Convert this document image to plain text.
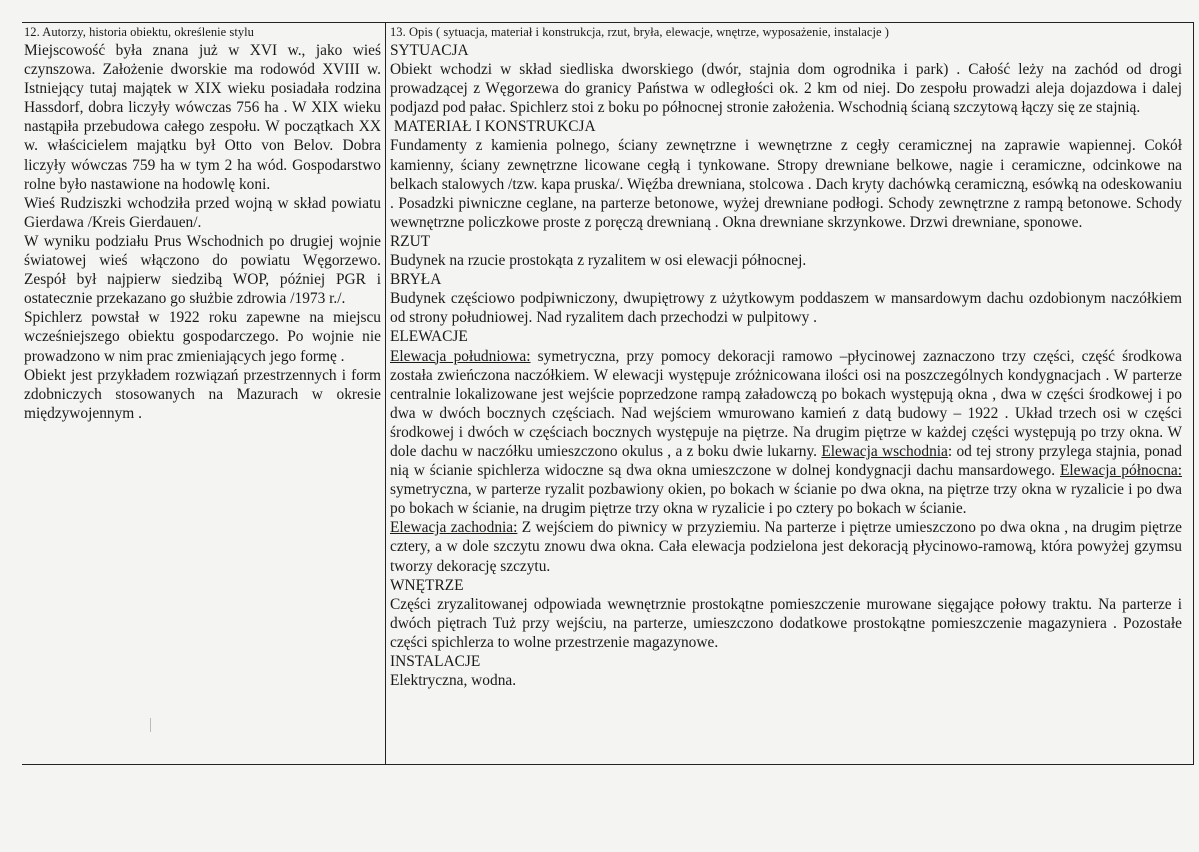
12. Autorzy, historia obiektu, określenie stylu

Miejscowość była znana już w XVI w., jako wieś czynszowa. Założenie dworskie ma rodowód XVIII w. Istniejący tutaj majątek w XIX wieku posiadała rodzina Hassdorf, dobra liczyły wówczas 756 ha . W XIX wieku nastąpiła przebudowa całego zespołu. W początkach XX w. właścicielem majątku był Otto von Belov. Dobra liczyły wówczas 759 ha w tym 2 ha wód. Gospodarstwo rolne było nastawione na hodowlę koni.

Wieś Rudziszki wchodziła przed wojną w skład powiatu Gierdawa /Kreis Gierdauen/.

W wyniku podziału Prus Wschodnich po drugiej wojnie światowej wieś włączono do powiatu Węgorzewo. Zespół był najpierw siedzibą WOP, później PGR i ostatecznie przekazano go służbie zdrowia /1973 r./.

Spichlerz powstał w 1922 roku zapewne na miejscu wcześniejszego obiektu gospodarczego. Po wojnie nie prowadzono w nim prac zmieniających jego formę .

Obiekt jest przykładem rozwiązań przestrzennych i form zdobniczych stosowanych na Mazurach w okresie międzywojennym .

13. Opis ( sytuacja, materiał i konstrukcja, rzut, bryła, elewacje, wnętrze, wyposażenie, instalacje )

SYTUACJA

Obiekt wchodzi w skład siedliska dworskiego (dwór, stajnia dom ogrodnika i park) . Całość leży na zachód od drogi prowadzącej z Węgorzewa do granicy Państwa w odległości ok. 2 km od niej. Do zespołu prowadzi aleja dojazdowa i dalej podjazd pod pałac. Spichlerz stoi z boku po północnej stronie założenia. Wschodnią ścianą szczytową łączy się ze stajnią.

MATERIAŁ I KONSTRUKCJA

Fundamenty z kamienia polnego, ściany zewnętrzne i wewnętrzne z cegły ceramicznej na zaprawie wapiennej. Cokół kamienny, ściany zewnętrzne licowane cegłą i tynkowane. Stropy drewniane belkowe, nagie i ceramiczne, odcinkowe na belkach stalowych /tzw. kapa pruska/. Więźba drewniana, stolcowa . Dach kryty dachówką ceramiczną, esówką na odeskowaniu . Posadzki piwniczne ceglane, na parterze betonowe, wyżej drewniane podłogi. Schody zewnętrzne z rampą betonowe. Schody wewnętrzne policzkowe proste z poręczą drewnianą . Okna drewniane skrzynkowe. Drzwi drewniane, sponowe.

RZUT

Budynek na rzucie prostokąta z ryzalitem w osi elewacji północnej.

BRYŁA

Budynek częściowo podpiwniczony, dwupiętrowy z użytkowym poddaszem w mansardowym dachu ozdobionym naczółkiem od strony południowej. Nad ryzalitem dach przechodzi w pulpitowy .

ELEWACJE

Elewacja południowa: symetryczna, przy pomocy dekoracji ramowo –płycinowej zaznaczono trzy części, część środkowa została zwieńczona naczółkiem. W elewacji występuje zróżnicowana ilości osi na poszczególnych kondygnacjach . W parterze centralnie lokalizowane jest wejście poprzedzone rampą załadowczą po bokach występują okna , dwa w części środkowej i po dwa w dwóch bocznych częściach. Nad wejściem wmurowano kamień z datą budowy – 1922 . Układ trzech osi w części środkowej i dwóch w częściach bocznych występuje na piętrze. Na drugim piętrze w każdej części występują po trzy okna. W dole dachu w naczółku umieszczono okulus , a z boku dwie lukarny. Elewacja wschodnia: od tej strony przylega stajnia, ponad nią w ścianie spichlerza widoczne są dwa okna umieszczone w dolnej kondygnacji dachu mansardowego. Elewacja północna: symetryczna, w parterze ryzalit pozbawiony okien, po bokach w ścianie po dwa okna, na piętrze trzy okna w ryzalicie i po dwa po bokach w ścianie, na drugim piętrze trzy okna w ryzalicie i po cztery po bokach w ścianie.
Elewacja zachodnia: Z wejściem do piwnicy w przyziemiu. Na parterze i piętrze umieszczono po dwa okna , na drugim piętrze cztery, a w dole szczytu znowu dwa okna. Cała elewacja podzielona jest dekoracją płycinowo-ramową, która powyżej gzymsu tworzy dekorację szczytu.

WNĘTRZE

Części zryzalitowanej odpowiada wewnętrznie prostokątne pomieszczenie murowane sięgające połowy traktu. Na parterze i dwóch piętrach Tuż przy wejściu, na parterze, umieszczono dodatkowe prostokątne pomieszczenie magazyniera . Pozostałe części spichlerza to wolne przestrzenie magazynowe.

INSTALACJE

Elektryczna, wodna.
